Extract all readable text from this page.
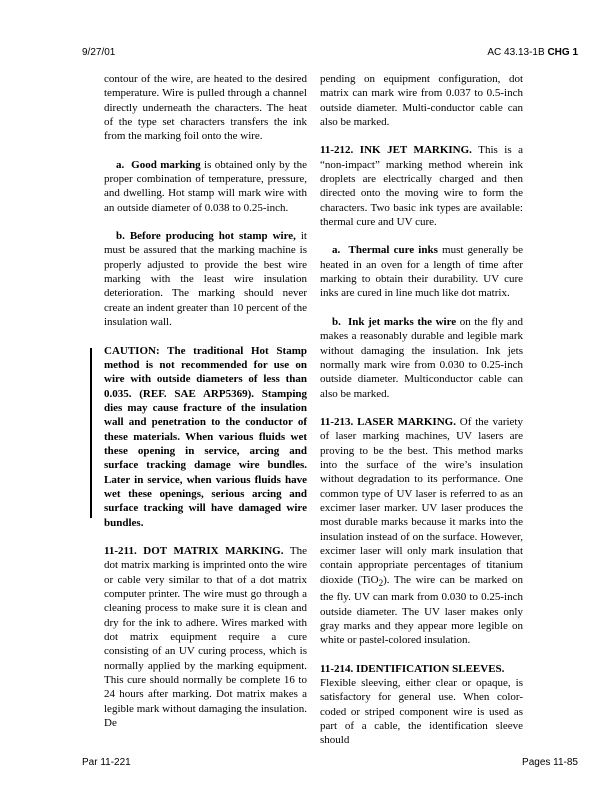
9/27/01	AC 43.13-1B CHG 1

contour of the wire, are heated to the desired temperature. Wire is pulled through a channel directly underneath the characters. The heat of the type set characters transfers the ink from the marking foil onto the wire.

a. Good marking is obtained only by the proper combination of temperature, pressure, and dwelling. Hot stamp will mark wire with an outside diameter of 0.038 to 0.25-inch.

b. Before producing hot stamp wire, it must be assured that the marking machine is properly adjusted to provide the best wire marking with the least wire insulation deterioration. The marking should never create an indent greater than 10 percent of the insulation wall.

CAUTION: The traditional Hot Stamp method is not recommended for use on wire with outside diameters of less than 0.035. (REF. SAE ARP5369). Stamping dies may cause fracture of the insulation wall and penetration to the conductor of these materials. When various fluids wet these opening in service, arcing and surface tracking damage wire bundles. Later in service, when various fluids have wet these openings, serious arcing and surface tracking will have damaged wire bundles.

11-211. DOT MATRIX MARKING. The dot matrix marking is imprinted onto the wire or cable very similar to that of a dot matrix computer printer. The wire must go through a cleaning process to make sure it is clean and dry for the ink to adhere. Wires marked with dot matrix equipment require a cure consisting of an UV curing process, which is normally applied by the marking equipment. This cure should normally be complete 16 to 24 hours after marking. Dot matrix makes a legible mark without damaging the insulation. De

pending on equipment configuration, dot matrix can mark wire from 0.037 to 0.5-inch outside diameter. Multi-conductor cable can also be marked.

11-212. INK JET MARKING. This is a “non-impact” marking method wherein ink droplets are electrically charged and then directed onto the moving wire to form the characters. Two basic ink types are available: thermal cure and UV cure.

a. Thermal cure inks must generally be heated in an oven for a length of time after marking to obtain their durability. UV cure inks are cured in line much like dot matrix.

b. Ink jet marks the wire on the fly and makes a reasonably durable and legible mark without damaging the insulation. Ink jets normally mark wire from 0.030 to 0.25-inch outside diameter. Multiconductor cable can also be marked.

11-213. LASER MARKING. Of the variety of laser marking machines, UV lasers are proving to be the best. This method marks into the surface of the wire’s insulation without degradation to its performance. One common type of UV laser is referred to as an excimer laser marker. UV laser produces the most durable marks because it marks into the insulation instead of on the surface. However, excimer laser will only mark insulation that contain appropriate percentages of titanium dioxide (TiO$_2$). The wire can be marked on the fly. UV can mark from 0.030 to 0.25-inch outside diameter. The UV laser makes only gray marks and they appear more legible on white or pastel-colored insulation.

11-214. IDENTIFICATION SLEEVES.
Flexible sleeving, either clear or opaque, is satisfactory for general use. When color-coded or striped component wire is used as part of a cable, the identification sleeve should

Par 11-221	Pages 11-85
